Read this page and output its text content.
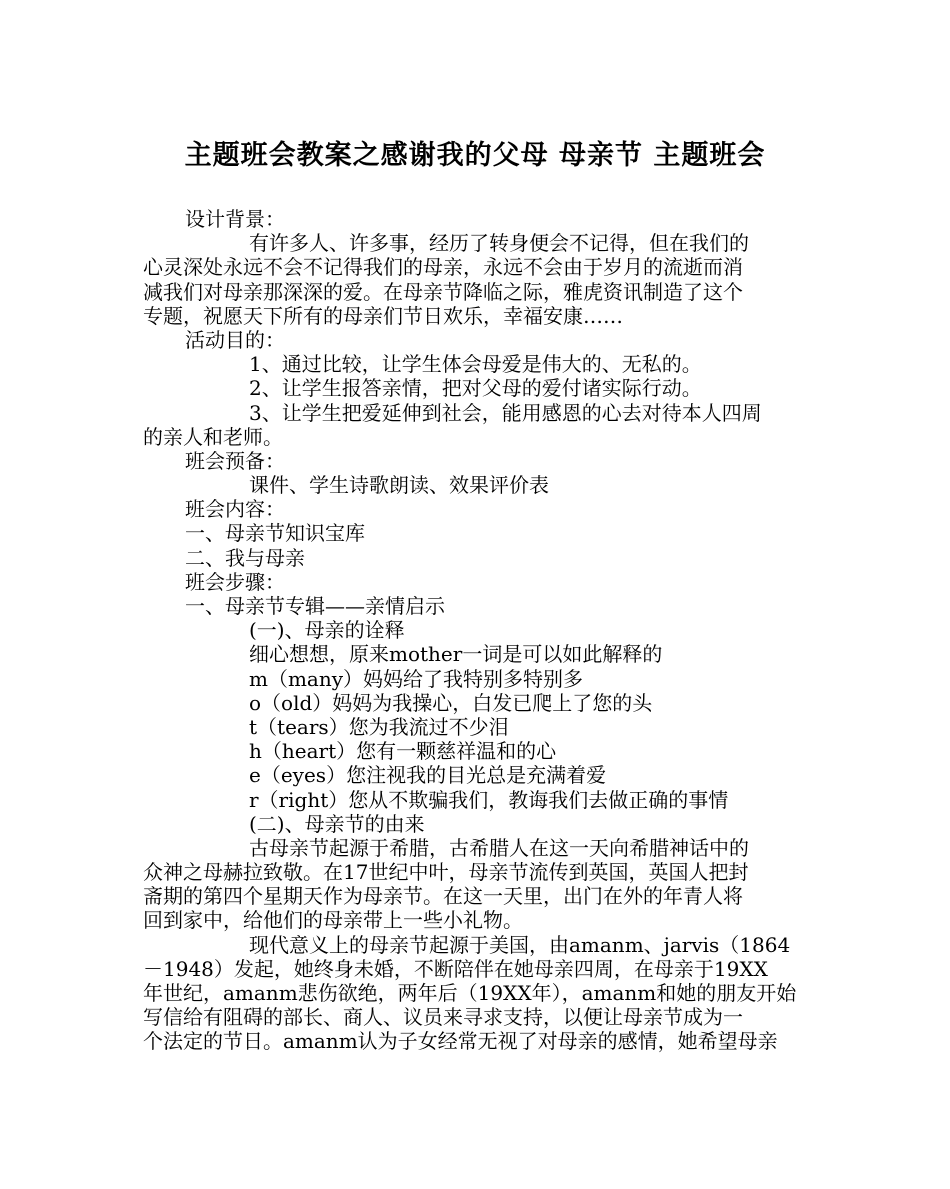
主题班会教案之感谢我的父母 母亲节 主题班会
设计背景：
有许多人、许多事，经历了转身便会不记得，但在我们的
心灵深处永远不会不记得我们的母亲，永远不会由于岁月的流逝而消
减我们对母亲那深深的爱。在母亲节降临之际，雅虎资讯制造了这个
专题，祝愿天下所有的母亲们节日欢乐，幸福安康……
活动目的：
1、通过比较，让学生体会母爱是伟大的、无私的。
2、让学生报答亲情，把对父母的爱付诸实际行动。
3、让学生把爱延伸到社会，能用感恩的心去对待本人四周
的亲人和老师。
班会预备：
课件、学生诗歌朗读、效果评价表
班会内容：
一、母亲节知识宝库
二、我与母亲
班会步骤：
一、母亲节专辑——亲情启示
(一)、母亲的诠释
细心想想，原来mother一词是可以如此解释的
m（many）妈妈给了我特别多特别多
o（old）妈妈为我操心，白发已爬上了您的头
t（tears）您为我流过不少泪
h（heart）您有一颗慈祥温和的心
e（eyes）您注视我的目光总是充满着爱
r（right）您从不欺骗我们，教诲我们去做正确的事情
(二)、母亲节的由来
古母亲节起源于希腊，古希腊人在这一天向希腊神话中的
众神之母赫拉致敬。在17世纪中叶，母亲节流传到英国，英国人把封
斋期的第四个星期天作为母亲节。在这一天里，出门在外的年青人将
回到家中，给他们的母亲带上一些小礼物。
现代意义上的母亲节起源于美国，由amanm、jarvis（1864
－1948）发起，她终身未婚，不断陪伴在她母亲四周，在母亲于19XX
年世纪，amanm悲伤欲绝，两年后（19XX年），amanm和她的朋友开始
写信给有阻碍的部长、商人、议员来寻求支持，以便让母亲节成为一
个法定的节日。amanm认为子女经常无视了对母亲的感情，她希望母亲
